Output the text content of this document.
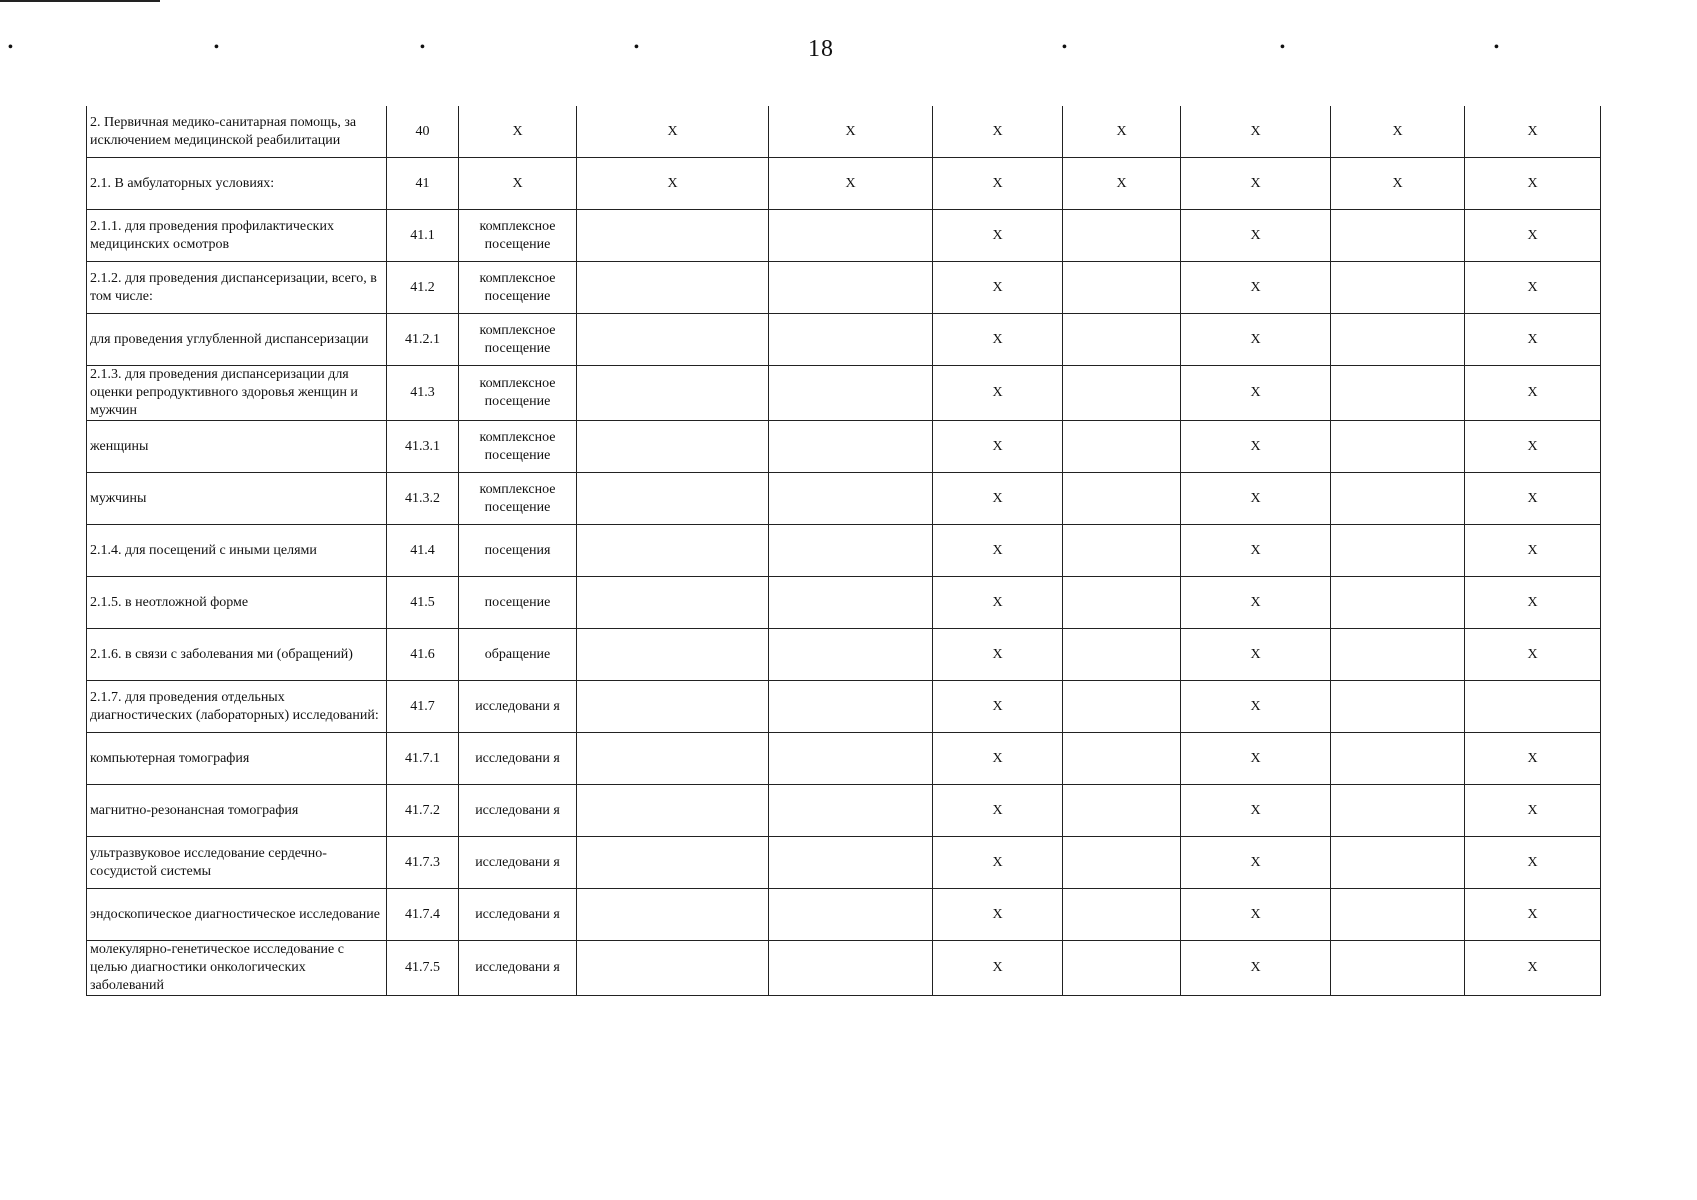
•	•	•	•	•	•	•
18
2. Первичная медико-санитарная помощь, за исключением медицинской реабилитации	40	Х	Х	Х	Х	Х	Х	Х	Х
2.1. В амбулаторных условиях:	41	Х	Х	Х	Х	Х	Х	Х	Х
2.1.1. для проведения профилактических медицинских осмотров	41.1	комплексное посещение			Х		Х		Х
2.1.2. для проведения диспансеризации, всего, в том числе:	41.2	комплексное посещение			Х		Х		Х
для проведения углубленной диспансеризации	41.2.1	комплексное посещение			Х		Х		Х
2.1.3. для проведения диспансеризации для оценки репродуктивного здоровья женщин и мужчин	41.3	комплексное посещение			Х		Х		Х
женщины	41.3.1	комплексное посещение			Х		Х		Х
мужчины	41.3.2	комплексное посещение			Х		Х		Х
2.1.4. для посещений с иными целями	41.4	посещения			Х		Х		Х
2.1.5. в неотложной форме	41.5	посещение			Х		Х		Х
2.1.6. в связи с заболевания ми (обращений)	41.6	обращение			Х		Х		Х
2.1.7. для проведения отдельных диагностических (лабораторных) исследований:	41.7	исследовани я			Х		Х		
компьютерная томография	41.7.1	исследовани я			Х		Х		Х
магнитно-резонансная томография	41.7.2	исследовани я			Х		Х		Х
ультразвуковое исследование сердечно-сосудистой системы	41.7.3	исследовани я			Х		Х		Х
эндоскопическое диагностическое исследование	41.7.4	исследовани я			Х		Х		Х
молекулярно-генетическое исследование с целью диагностики онкологических заболеваний	41.7.5	исследовани я			Х		Х		Х
